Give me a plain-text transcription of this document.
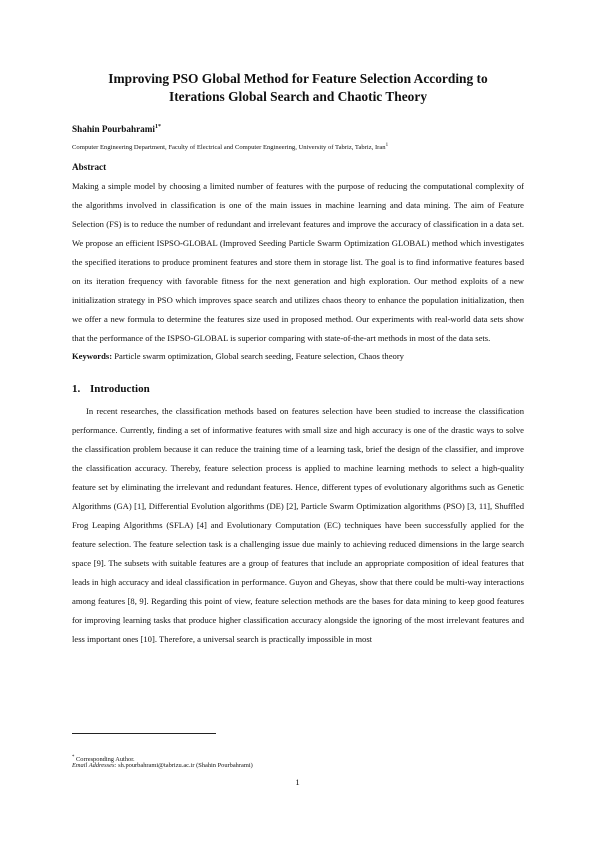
Improving PSO Global Method for Feature Selection According to
Iterations Global Search and Chaotic Theory
Shahin Pourbahrami$^{1*}$
Computer Engineering Department, Faculty of Electrical and Computer Engineering, University of Tabriz, Tabriz, Iran$^1$
Abstract

Making a simple model by choosing a limited number of features with the purpose of reducing the computational complexity of the algorithms involved in classification is one of the main issues in machine learning and data mining. The aim of Feature Selection (FS) is to reduce the number of redundant and irrelevant features and improve the accuracy of classification in a data set. We propose an efficient ISPSO-GLOBAL (Improved Seeding Particle Swarm Optimization GLOBAL) method which investigates the specified iterations to produce prominent features and store them in storage list. The goal is to find informative features based on its iteration frequency with favorable fitness for the next generation and high exploration. Our method exploits of a new initialization strategy in PSO which improves space search and utilizes chaos theory to enhance the population initialization, then we offer a new formula to determine the features size used in proposed method. Our experiments with real-world data sets show that the performance of the ISPSO-GLOBAL is superior comparing with state-of-the-art methods in most of the data sets.

Keywords: Particle swarm optimization, Global search seeding, Feature selection, Chaos theory
1. Introduction

In recent researches, the classification methods based on features selection have been studied to increase the classification performance. Currently, finding a set of informative features with small size and high accuracy is one of the drastic ways to solve the classification problem because it can reduce the training time of a learning task, brief the design of the classifier, and improve the classification accuracy. Thereby, feature selection process is applied to machine learning methods to select a high-quality feature set by eliminating the irrelevant and redundant features. Hence, different types of evolutionary algorithms such as Genetic Algorithms (GA) [1], Differential Evolution algorithms (DE) [2], Particle Swarm Optimization algorithms (PSO) [3, 11], Shuffled Frog Leaping Algorithms (SFLA) [4] and Evolutionary Computation (EC) techniques have been successfully applied for the feature selection. The feature selection task is a challenging issue due mainly to achieving reduced dimensions in the large search space [9]. The subsets with suitable features are a group of features that include an appropriate composition of ideal features that leads in high accuracy and ideal classification in performance. Guyon and Gheyas, show that there could be multi-way interactions among features [8, 9]. Regarding this point of view, feature selection methods are the bases for data mining to keep good features for improving learning tasks that produce higher classification accuracy alongside the ignoring of the most irrelevant features and less important ones [10]. Therefore, a universal search is practically impossible in most

* Corresponding Author.
Email Addresses: sh.pourbahrami@tabrizu.ac.ir (Shahin Pourbahrami)
1
